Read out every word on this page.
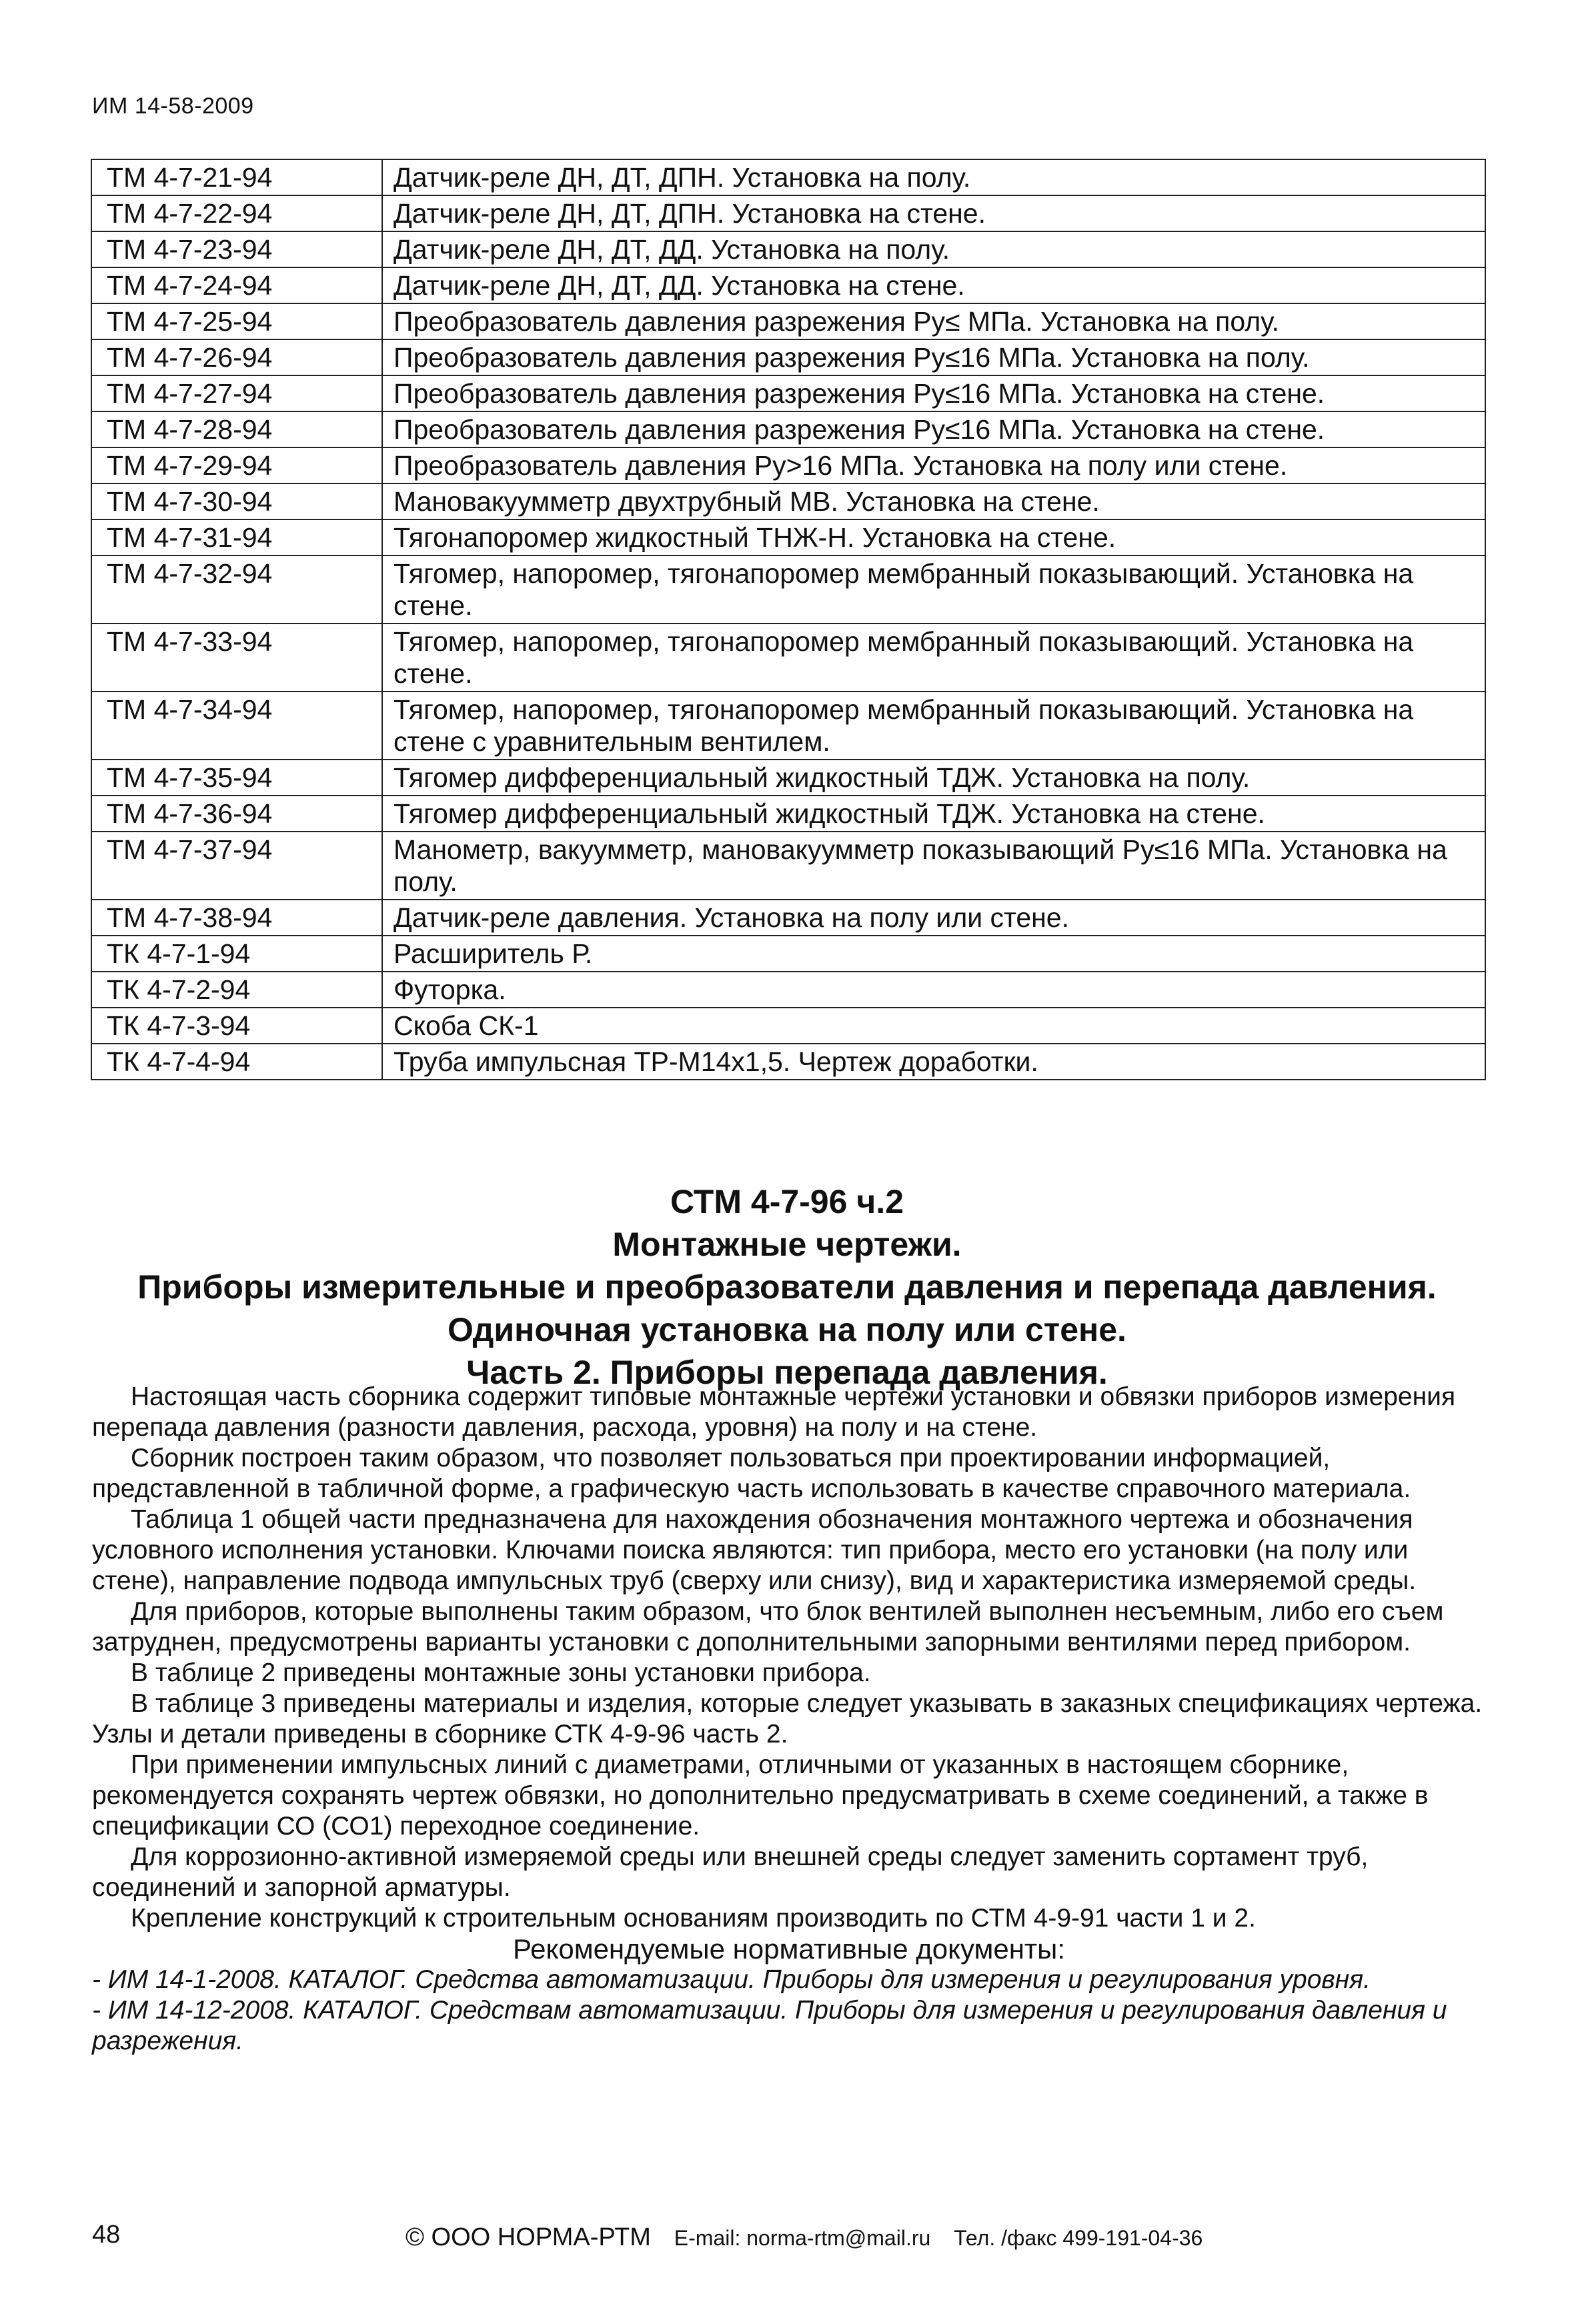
ИМ 14-58-2009
ТМ 4-7-21-94	Датчик-реле ДН, ДТ, ДПН. Установка на полу.
ТМ 4-7-22-94	Датчик-реле ДН, ДТ, ДПН. Установка на стене.
ТМ 4-7-23-94	Датчик-реле ДН, ДТ, ДД. Установка на полу.
ТМ 4-7-24-94	Датчик-реле ДН, ДТ, ДД. Установка на стене.
ТМ 4-7-25-94	Преобразователь давления разрежения Pу≤ МПа. Установка на полу.
ТМ 4-7-26-94	Преобразователь давления разрежения Pу≤16 МПа. Установка на полу.
ТМ 4-7-27-94	Преобразователь давления разрежения Pу≤16 МПа. Установка на стене.
ТМ 4-7-28-94	Преобразователь давления разрежения Pу≤16 МПа. Установка на стене.
ТМ 4-7-29-94	Преобразователь давления Pу>16 МПа. Установка на полу или стене.
ТМ 4-7-30-94	Мановакуумметр двухтрубный МВ. Установка на стене.
ТМ 4-7-31-94	Тягонапоромер жидкостный ТНЖ-Н. Установка на стене.
ТМ 4-7-32-94	Тягомер, напоромер, тягонапоромер мембранный показывающий. Установка на стене.
ТМ 4-7-33-94	Тягомер, напоромер, тягонапоромер мембранный показывающий. Установка на стене.
ТМ 4-7-34-94	Тягомер, напоромер, тягонапоромер мембранный показывающий. Установка на стене с уравнительным вентилем.
ТМ 4-7-35-94	Тягомер дифференциальный жидкостный ТДЖ. Установка на полу.
ТМ 4-7-36-94	Тягомер дифференциальный жидкостный ТДЖ. Установка на стене.
ТМ 4-7-37-94	Манометр, вакуумметр, мановакуумметр показывающий Pу≤16 МПа. Установка на полу.
ТМ 4-7-38-94	Датчик-реле давления. Установка на полу или стене.
ТК 4-7-1-94	Расширитель Р.
ТК 4-7-2-94	Футорка.
ТК 4-7-3-94	Скоба СК-1
ТК 4-7-4-94	Труба импульсная ТР-М14х1,5. Чертеж доработки.
СТМ 4-7-96 ч.2
Монтажные чертежи.
Приборы измерительные и преобразователи давления и перепада давления.
Одиночная установка на полу или стене.
Часть 2. Приборы перепада давления.

Настоящая часть сборника содержит типовые монтажные чертежи установки и обвязки приборов измерения перепада давления (разности давления, расхода, уровня) на полу и на стене.

Сборник построен таким образом, что позволяет пользоваться при проектировании информацией, представленной в табличной форме, а графическую часть использовать в качестве справочного материала.

Таблица 1 общей части предназначена для нахождения обозначения монтажного чертежа и обозначения условного исполнения установки. Ключами поиска являются: тип прибора, место его установки (на полу или стене), направление подвода импульсных труб (сверху или снизу), вид и характеристика измеряемой среды.

Для приборов, которые выполнены таким образом, что блок вентилей выполнен несъемным, либо его съем затруднен, предусмотрены варианты установки с дополнительными запорными вентилями перед прибором.

В таблице 2 приведены монтажные зоны установки прибора.

В таблице 3 приведены материалы и изделия, которые следует указывать в заказных спецификациях чертежа. Узлы и детали приведены в сборнике СТК 4-9-96 часть 2.

При применении импульсных линий с диаметрами, отличными от указанных в настоящем сборнике, рекомендуется сохранять чертеж обвязки, но дополнительно предусматривать в схеме соединений, а также в спецификации СО (СО1) переходное соединение.

Для коррозионно-активной измеряемой среды или внешней среды следует заменить сортамент труб, соединений и запорной арматуры.

Крепление конструкций к строительным основаниям производить по СТМ 4-9-91 части 1 и 2.

Рекомендуемые нормативные документы:

- ИМ 14-1-2008. КАТАЛОГ. Средства автоматизации. Приборы для измерения и регулирования уровня.

- ИМ 14-12-2008. КАТАЛОГ. Средствам автоматизации. Приборы для измерения и регулирования давления и разрежения.

48	© ООО НОРМА-РТМ E-mail: norma-rtm@mail.ru Тел. /факс 499-191-04-36
